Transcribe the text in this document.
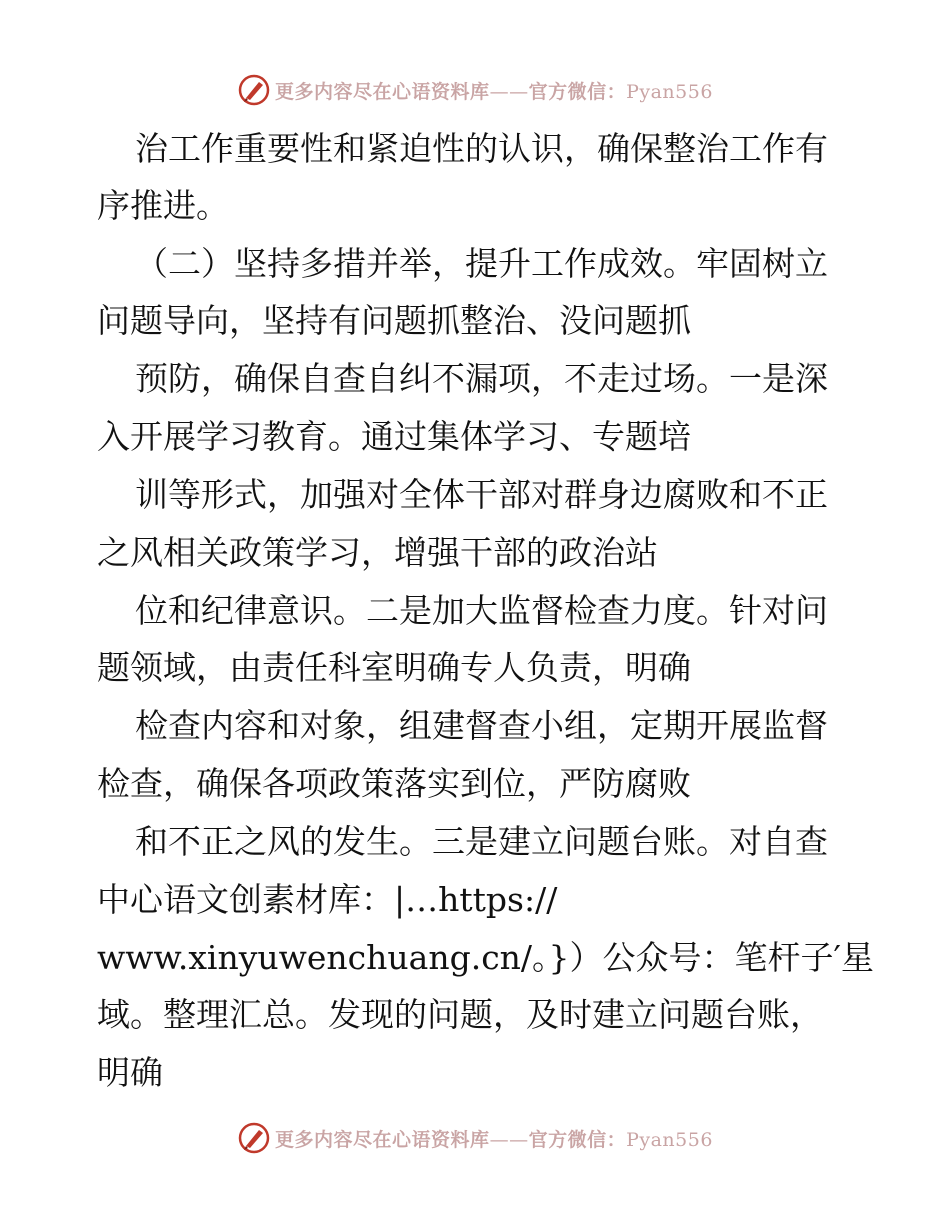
更多内容尽在心语资料库——官方微信：Pyan556
治工作重要性和紧迫性的认识，确保整治工作有
序推进。
（二）坚持多措并举，提升工作成效。牢固树立
问题导向，坚持有问题抓整治、没问题抓
预防，确保自查自纠不漏项，不走过场。一是深
入开展学习教育。通过集体学习、专题培
训等形式，加强对全体干部对群身边腐败和不正
之风相关政策学习，增强干部的政治站
位和纪律意识。二是加大监督检查力度。针对问
题领域，由责任科室明确专人负责，明确
检查内容和对象，组建督查小组，定期开展监督
检查，确保各项政策落实到位，严防腐败
和不正之风的发生。三是建立问题台账。对自查
中心语文创素材库：|…https://
www.xinyuwenchuang.cn/。}）公众号：笔杆子′星
域。整理汇总。发现的问题，及时建立问题台账，
明确
更多内容尽在心语资料库——官方微信：Pyan556
